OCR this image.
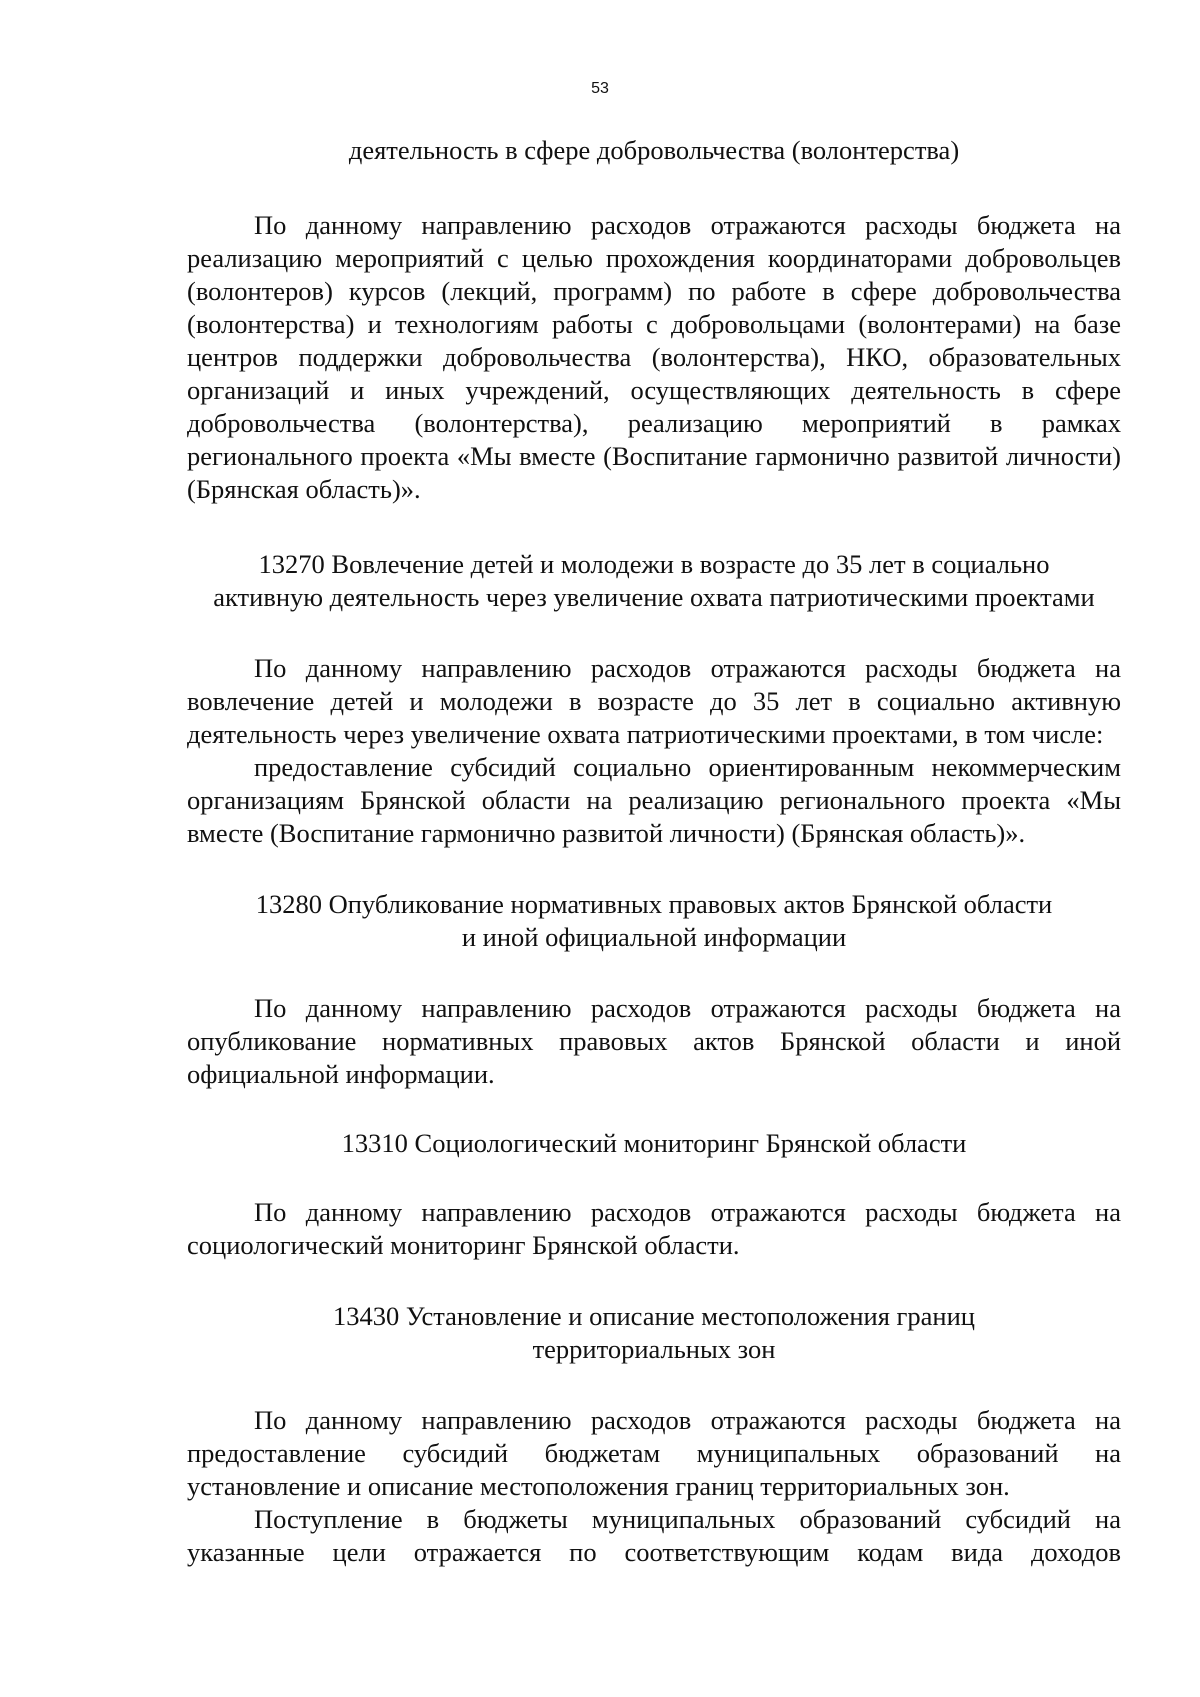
53

деятельность в сфере добровольчества (волонтерства)

По данному направлению расходов отражаются расходы бюджета на реализацию мероприятий с целью прохождения координаторами добровольцев (волонтеров) курсов (лекций, программ) по работе в сфере добровольчества (волонтерства) и технологиям работы с добровольцами (волонтерами) на базе центров поддержки добровольчества (волонтерства), НКО, образовательных организаций и иных учреждений, осуществляющих деятельность в сфере добровольчества (волонтерства), реализацию мероприятий в рамках регионального проекта «Мы вместе (Воспитание гармонично развитой личности) (Брянская область)».

13270 Вовлечение детей и молодежи в возрасте до 35 лет в социально активную деятельность через увеличение охвата патриотическими проектами

По данному направлению расходов отражаются расходы бюджета на вовлечение детей и молодежи в возрасте до 35 лет в социально активную деятельность через увеличение охвата патриотическими проектами, в том числе:

предоставление субсидий социально ориентированным некоммерческим организациям Брянской области на реализацию регионального проекта «Мы вместе (Воспитание гармонично развитой личности) (Брянская область)».

13280 Опубликование нормативных правовых актов Брянской области

и иной официальной информации

По данному направлению расходов отражаются расходы бюджета на опубликование нормативных правовых актов Брянской области и иной официальной информации.

13310 Социологический мониторинг Брянской области

По данному направлению расходов отражаются расходы бюджета на социологический мониторинг Брянской области.

13430 Установление и описание местоположения границ

территориальных зон

По данному направлению расходов отражаются расходы бюджета на предоставление субсидий бюджетам муниципальных образований на установление и описание местоположения границ территориальных зон.

Поступление в бюджеты муниципальных образований субсидий на указанные цели отражается по соответствующим кодам вида доходов
